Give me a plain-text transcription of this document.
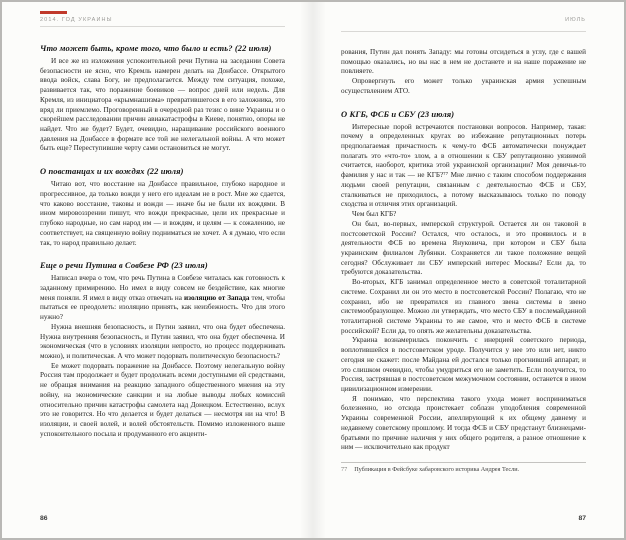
2014. ГОД УКРАИНЫ
Что может быть, кроме того, что было и есть? (22 июля)

И все же из изложения успокоительной речи Путина на заседании Совета безопасности не ясно, что Кремль намерен делать на Донбассе. Открытого ввода войск, слава Богу, не предполагается. Между тем ситуация, похоже, развивается так, что поражение боевиков — вопрос дней или недель. Для Кремля, из инициатора «крымнашизма» превратившегося в его заложника, это вряд ли приемлемо. Проговоренный в очередной раз тезис о вине Украины и о скорейшем расследовании причин авиакатастрофы в Киеве, понятно, опоры не найдет. Что же будет? Будет, очевидно, наращивание российского военного давления на Донбассе в формате все той же нелегальной войны. А что может быть еще? Переступившие черту сами остановиться не могут.

О повстанцах и их вождях (22 июля)

Читаю вот, что восстание на Донбассе правильное, глубоко народное и прогрессивное, да только вожди у него его идеалам не в рост. Мне же сдается, что каково восстание, таковы и вожди — иначе бы не были их вождями. В ином мировоззрении пишут, что вожди прекрасные, цели их прекрасные и глубоко народные, но сам народ им — и вождям, и целям — к сожалению, не соответствует, на священную войну подниматься не хочет. А я думаю, что если так, то народ правильно делает.

Еще о речи Путина в Совбезе РФ (23 июля)

Написал вчера о том, что речь Путина в Совбезе читалась как готовность к заданному примирению. Но имел в виду совсем не бездействие, как многие меня поняли. Я имел в виду отказ отвечать на изоляцию от Запада тем, чтобы пытаться ее преодолеть: изоляцию принять, как неизбежность. Что для этого нужно?

Нужна внешняя безопасность, и Путин заявил, что она будет обеспечена. Нужна внутренняя безопасность, и Путин заявил, что она будет обеспечена. И экономическая (что в условиях изоляции непросто, но процесс поддерживать можно), и политическая. А что может подорвать политическую безопасность?

Ее может подорвать поражение на Донбассе. Поэтому нелегальную войну Россия там продолжает и будет продолжать всеми доступными ей средствами, не обращая внимания на реакцию западного общественного мнения на эту войну, на экономические санкции и на любые выводы любых комиссий относительно причин катастрофы самолета над Донецком. Естественно, вслух это не говорится. Но что делается и будет делаться — несмотря ни на что! В изоляции, и своей волей, и волей обстоятельств. Помимо изложенного выше успокоительного посыла и продуманного его акценти-

86
ИЮЛЬ

рования, Путин дал понять Западу: мы готовы отсидеться в углу, где с вашей помощью оказались, но вы нас в нем не достанете и на наше поражение не повлияете.

Опровергнуть его может только украинская армия успешным осуществлением АТО.

О КГБ, ФСБ и СБУ (23 июля)

Интересные порой встречаются постановки вопросов. Например, такая: почему в определенных кругах во избежание репутационных потерь предполагаемая причастность к чему-то ФСБ автоматически понуждает полагать это «что-то» злом, а в отношении к СБУ репутационно уязвимой считается, наоборот, критика этой украинской организации? Моя девичья-то фамилия у нас и так — не КГБ?⁷⁷ Мне лично с таким способом поддержания людьми своей репутации, связанным с деятельностью ФСБ и СБУ, сталкиваться не приходилось, а потому высказываюсь только по поводу сходства и отличия этих организаций.

Чем был КГБ?

Он был, во-первых, имперской структурой. Остается ли он таковой в постсоветской России? Остался, что осталось, и это проявилось и в деятельности ФСБ во времена Януковича, при котором и СБУ была украинским филиалом Лубянки. Сохраняется ли такое положение вещей сегодня? Обслуживает ли СБУ имперский интерес Москвы? Если да, то требуются доказательства.

Во-вторых, КГБ занимал определенное место в советской тоталитарной системе. Сохранил ли он это место в постсоветской России? Полагаю, что не сохранил, ибо не превратился из главного звена системы в звено системообразующее. Можно ли утверждать, что место СБУ в послемайданной тоталитарной системе Украины то же самое, что и место ФСБ в системе российской? Если да, то опять же желательны доказательства.

Украина вознамерилась покончить с инерцией советского периода, воплотившейся в постсоветском уроде. Получится у нее это или нет, никто сегодня не скажет: после Майдана ей достался только прогнивший аппарат, и это слишком очевидно, чтобы умудриться его не заметить. Если получится, то Россия, застрявшая в постсоветском межумочном состоянии, останется в ином цивилизационном измерении.

Я понимаю, что перспектива такого ухода может восприниматься болезненно, но отсюда проистекает соблазн уподобления современной Украины современной России, апеллирующий к их общему давнему и недавнему советскому прошлому. И тогда ФСБ и СБУ предстанут близнецами-братьями по причине наличия у них общего родителя, а разное отношение к ним — исключительно как продукт

77 Публикация в Фейсбуке хабаровского историка Андрея Тесли.
87
